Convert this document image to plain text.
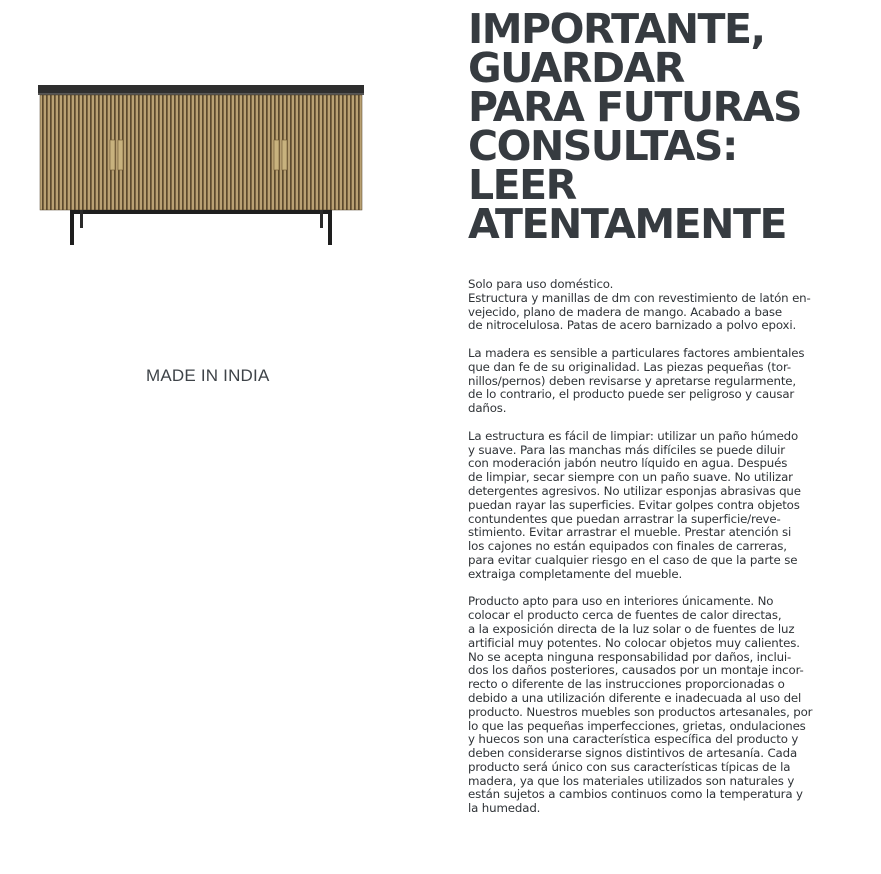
MADE IN INDIA
IMPORTANTE,
GUARDAR
PARA FUTURAS
CONSULTAS:
LEER
ATENTAMENTE

Solo para uso doméstico.
Estructura y manillas de dm con revestimiento de latón en-
vejecido, plano de madera de mango. Acabado a base
de nitrocelulosa. Patas de acero barnizado a polvo epoxi.

La madera es sensible a particulares factores ambientales
que dan fe de su originalidad. Las piezas pequeñas (tor-
nillos/pernos) deben revisarse y apretarse regularmente,
de lo contrario, el producto puede ser peligroso y causar
daños.

La estructura es fácil de limpiar: utilizar un paño húmedo
y suave. Para las manchas más difíciles se puede diluir
con moderación jabón neutro líquido en agua. Después
de limpiar, secar siempre con un paño suave. No utilizar
detergentes agresivos. No utilizar esponjas abrasivas que
puedan rayar las superficies. Evitar golpes contra objetos
contundentes que puedan arrastrar la superficie/reve-
stimiento. Evitar arrastrar el mueble. Prestar atención si
los cajones no están equipados con finales de carreras,
para evitar cualquier riesgo en el caso de que la parte se
extraiga completamente del mueble.

Producto apto para uso en interiores únicamente. No
colocar el producto cerca de fuentes de calor directas,
a la exposición directa de la luz solar o de fuentes de luz
artificial muy potentes. No colocar objetos muy calientes.
No se acepta ninguna responsabilidad por daños, inclui-
dos los daños posteriores, causados por un montaje incor-
recto o diferente de las instrucciones proporcionadas o
debido a una utilización diferente e inadecuada al uso del
producto. Nuestros muebles son productos artesanales, por
lo que las pequeñas imperfecciones, grietas, ondulaciones
y huecos son una característica específica del producto y
deben considerarse signos distintivos de artesanía. Cada
producto será único con sus características típicas de la
madera, ya que los materiales utilizados son naturales y
están sujetos a cambios continuos como la temperatura y
la humedad.
